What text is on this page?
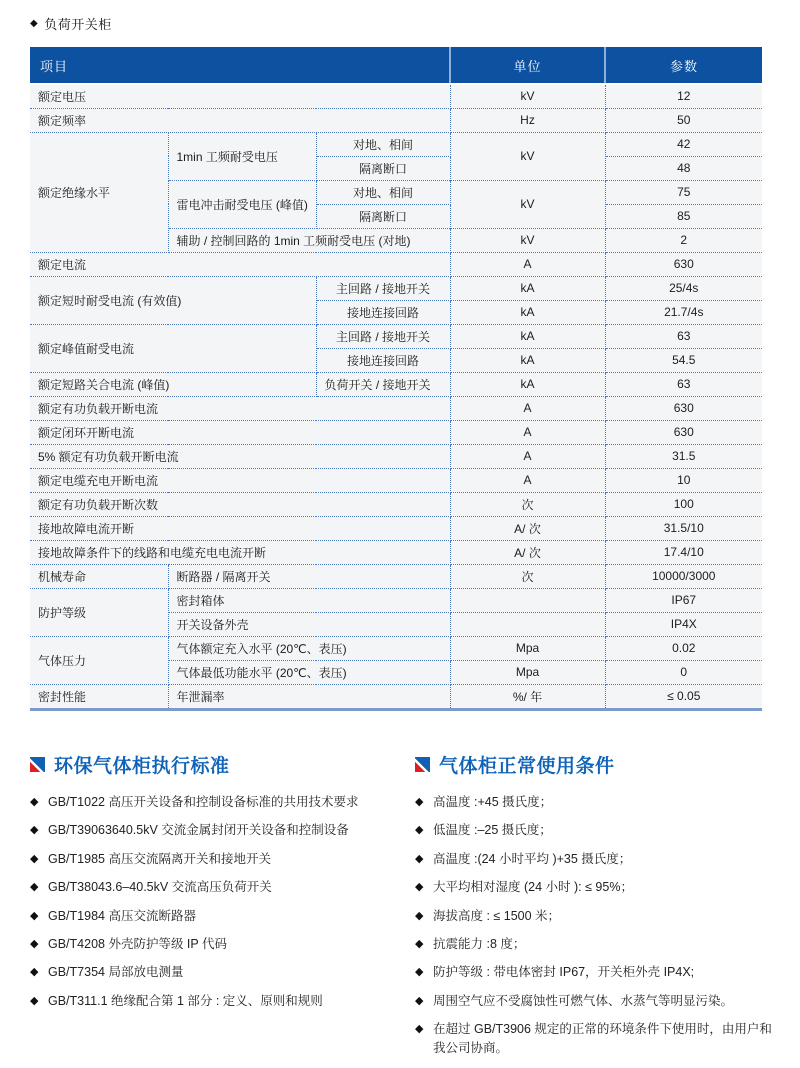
◆ 负荷开关柜
项目			单位	参数
额定电压			kV	12
额定频率			Hz	50
额定绝缘水平	1min 工频耐受电压	对地、相间	kV	42
		隔离断口		48
	雷电冲击耐受电压 (峰值)	对地、相间	kV	75
		隔离断口		85
	辅助 / 控制回路的 1min 工频耐受电压 (对地)		kV	2
额定电流			A	630
额定短时耐受电流 (有效值)		主回路 / 接地开关	kA	25/4s
		接地连接回路	kA	21.7/4s
额定峰值耐受电流		主回路 / 接地开关	kA	63
		接地连接回路	kA	54.5
额定短路关合电流 (峰值)		负荷开关 / 接地开关	kA	63
额定有功负载开断电流			A	630
额定闭环开断电流			A	630
5% 额定有功负载开断电流			A	31.5
额定电缆充电开断电流			A	10
额定有功负载开断次数			次	100
接地故障电流开断			A/ 次	31.5/10
接地故障条件下的线路和电缆充电电流开断			A/ 次	17.4/10
机械寿命	断路器 / 隔离开关		次	10000/3000
防护等级	密封箱体			IP67
	开关设备外壳			IP4X
气体压力	气体额定充入水平 (20℃、表压)		Mpa	0.02
	气体最低功能水平 (20℃、表压)		Mpa	0
密封性能	年泄漏率		%/ 年	≤ 0.05
环保气体柜执行标准
◆ GB/T1022 高压开关设备和控制设备标准的共用技术要求
◆ GB/T39063640.5kV 交流金属封闭开关设备和控制设备
◆ GB/T1985 高压交流隔离开关和接地开关
◆ GB/T38043.6–40.5kV 交流高压负荷开关
◆ GB/T1984 高压交流断路器
◆ GB/T4208 外壳防护等级 IP 代码
◆ GB/T7354 局部放电测量
◆ GB/T311.1 绝缘配合第 1 部分 : 定义、原则和规则
气体柜正常使用条件
◆ 高温度 :+45 摄氏度；
◆ 低温度 :–25 摄氏度；
◆ 高温度 :(24 小时平均 )+35 摄氏度；
◆ 大平均相对湿度 (24 小时 ): ≤ 95%；
◆ 海拔高度 : ≤ 1500 米；
◆ 抗震能力 :8 度；
◆ 防护等级 : 带电体密封 IP67，开关柜外壳 IP4X;
◆ 周围空气应不受腐蚀性可燃气体、水蒸气等明显污染。
◆ 在超过 GB/T3906 规定的正常的环境条件下使用时，由用户和我公司协商。
